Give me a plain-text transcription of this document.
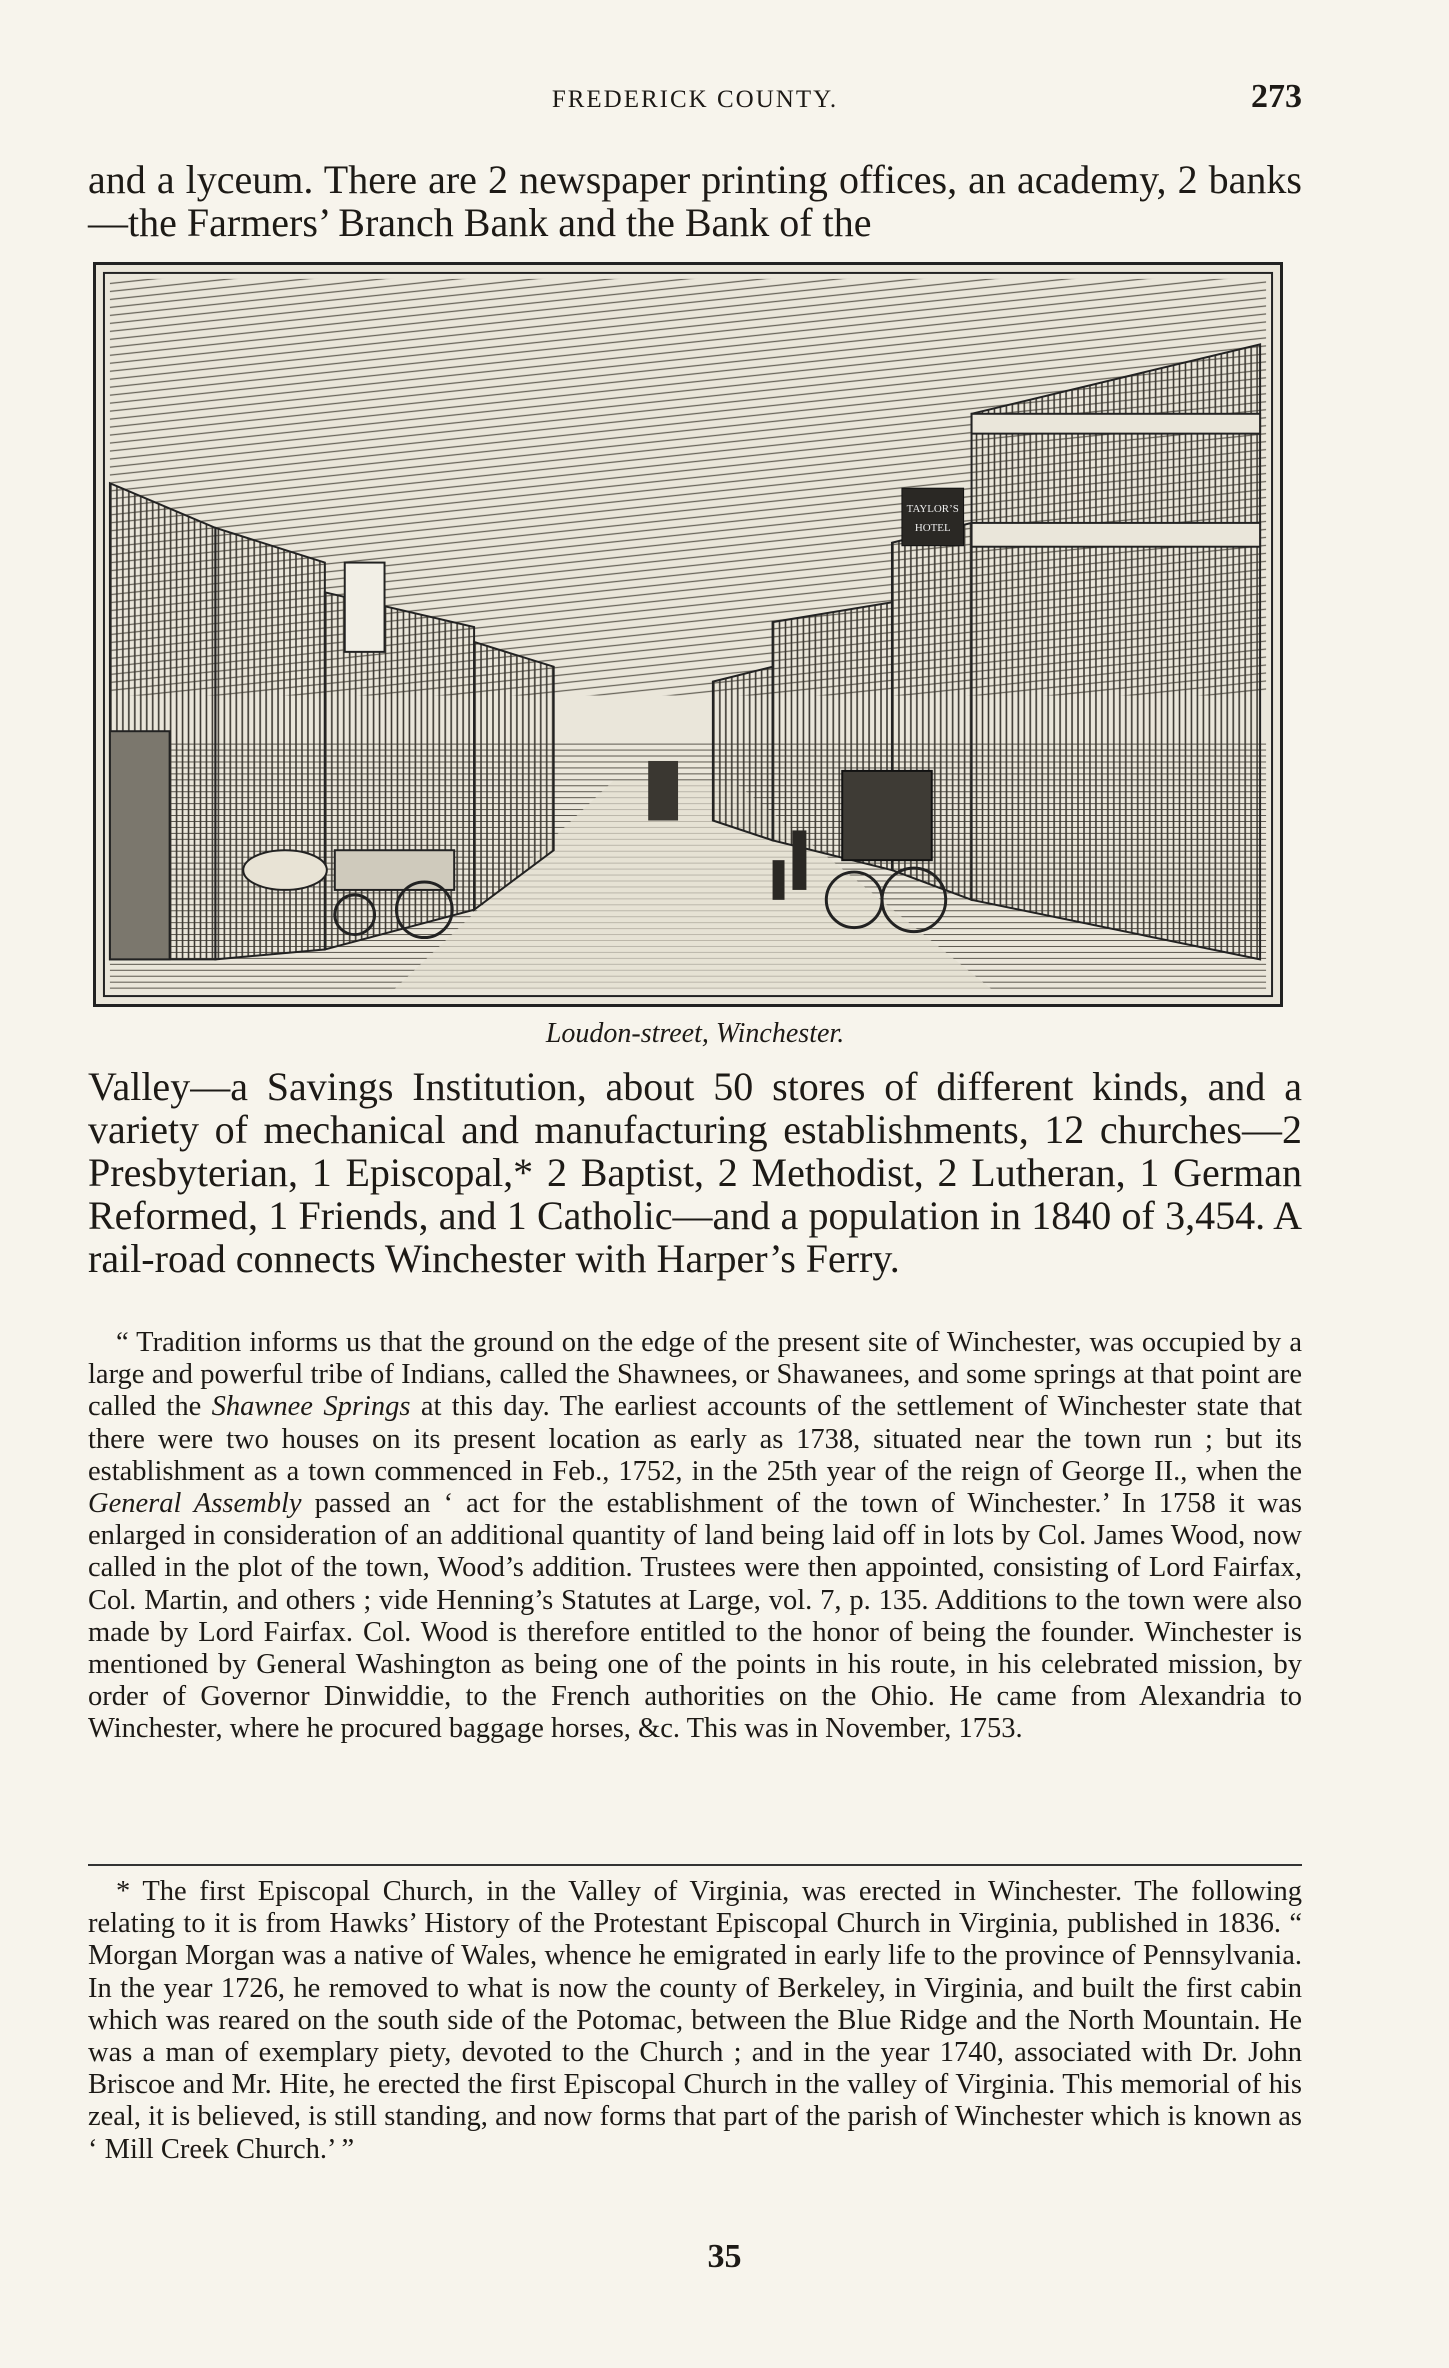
FREDERICK COUNTY.	273

and a lyceum. There are 2 newspaper printing offices, an academy, 2 banks—the Farmers’ Branch Bank and the Bank of the

TAYLOR’S
HOTEL
Loudon-street, Winchester.

Valley—a Savings Institution, about 50 stores of different kinds, and a variety of mechanical and manufacturing establishments, 12 churches—2 Presbyterian, 1 Episcopal,* 2 Baptist, 2 Methodist, 2 Lutheran, 1 German Reformed, 1 Friends, and 1 Catholic—and a population in 1840 of 3,454. A rail-road connects Winchester with Harper’s Ferry.

“ Tradition informs us that the ground on the edge of the present site of Winchester, was occupied by a large and powerful tribe of Indians, called the Shawnees, or Shawanees, and some springs at that point are called the Shawnee Springs at this day. The earliest accounts of the settlement of Winchester state that there were two houses on its present location as early as 1738, situated near the town run ; but its establishment as a town commenced in Feb., 1752, in the 25th year of the reign of George II., when the General Assembly passed an ‘ act for the establishment of the town of Winchester.’ In 1758 it was enlarged in consideration of an additional quantity of land being laid off in lots by Col. James Wood, now called in the plot of the town, Wood’s addition. Trustees were then appointed, consisting of Lord Fairfax, Col. Martin, and others ; vide Henning’s Statutes at Large, vol. 7, p. 135. Additions to the town were also made by Lord Fairfax. Col. Wood is therefore entitled to the honor of being the founder. Winchester is mentioned by General Washington as being one of the points in his route, in his celebrated mission, by order of Governor Dinwiddie, to the French authorities on the Ohio. He came from Alexandria to Winchester, where he procured baggage horses, &c. This was in November, 1753.

* The first Episcopal Church, in the Valley of Virginia, was erected in Winchester. The following relating to it is from Hawks’ History of the Protestant Episcopal Church in Virginia, published in 1836. “ Morgan Morgan was a native of Wales, whence he emigrated in early life to the province of Pennsylvania. In the year 1726, he removed to what is now the county of Berkeley, in Virginia, and built the first cabin which was reared on the south side of the Potomac, between the Blue Ridge and the North Mountain. He was a man of exemplary piety, devoted to the Church ; and in the year 1740, associated with Dr. John Briscoe and Mr. Hite, he erected the first Episcopal Church in the valley of Virginia. This memorial of his zeal, it is believed, is still standing, and now forms that part of the parish of Winchester which is known as ‘ Mill Creek Church.’ ”

35
